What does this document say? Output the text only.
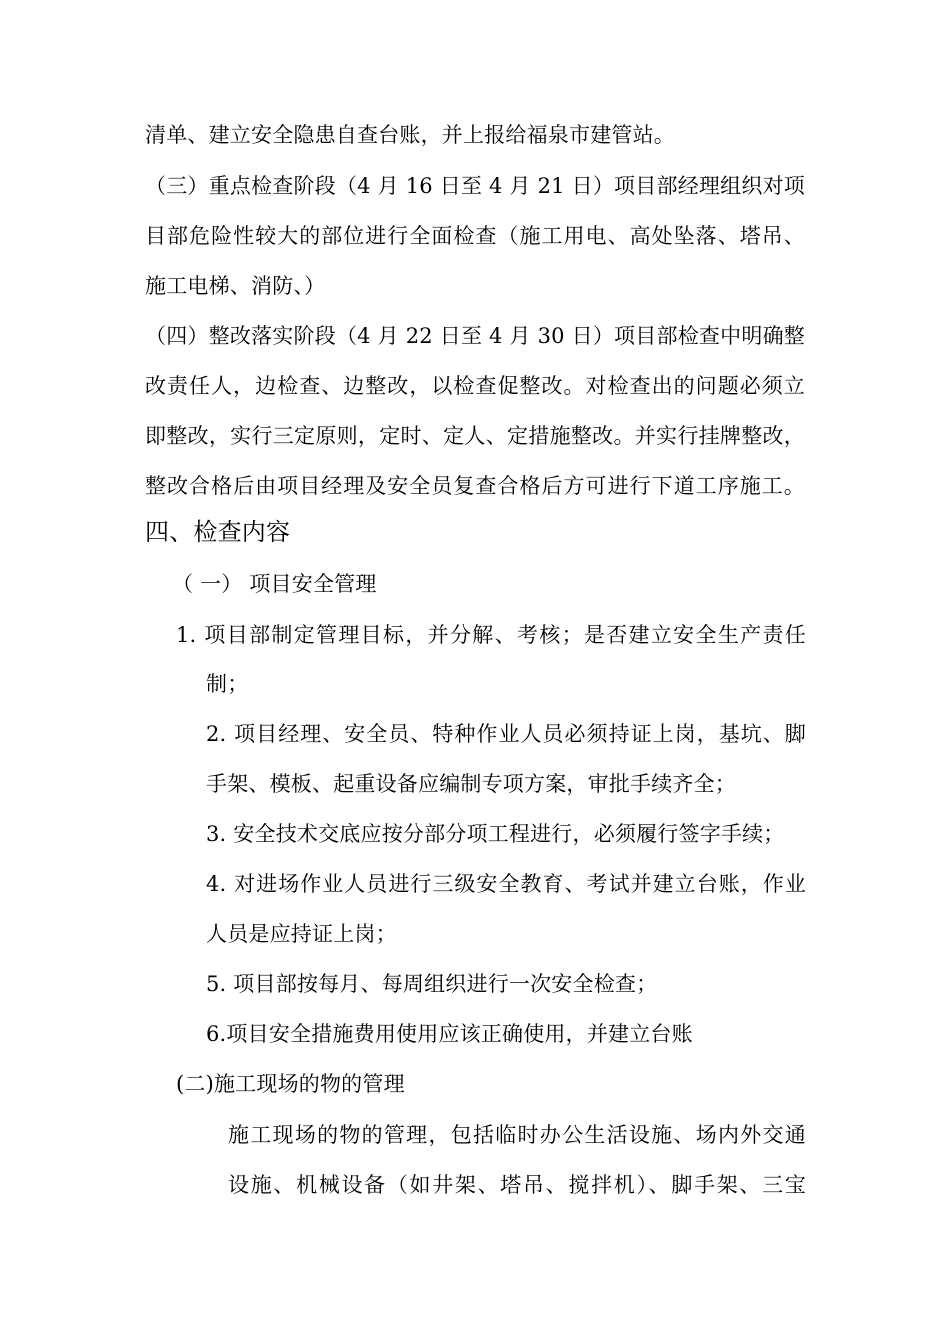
清单、建立安全隐患自查台账，并上报给福泉市建管站。
（三）重点检查阶段（4 月 16 日至 4 月 21 日）项目部经理组织对项
目部危险性较大的部位进行全面检查（施工用电、高处坠落、塔吊、
施工电梯、消防、）
（四）整改落实阶段（4 月 22 日至 4 月 30 日）项目部检查中明确整
改责任人，边检查、边整改，以检查促整改。对检查出的问题必须立
即整改，实行三定原则，定时、定人、定措施整改。并实行挂牌整改，
整改合格后由项目经理及安全员复查合格后方可进行下道工序施工。
四、检查内容
（ 一） 项目安全管理
1. 项目部制定管理目标，并分解、考核；是否建立安全生产责任
制；
2. 项目经理、安全员、特种作业人员必须持证上岗，基坑、脚
手架、模板、起重设备应编制专项方案，审批手续齐全；
3. 安全技术交底应按分部分项工程进行，必须履行签字手续；
4. 对进场作业人员进行三级安全教育、考试并建立台账，作业
人员是应持证上岗；
5. 项目部按每月、每周组织进行一次安全检查；
6.项目安全措施费用使用应该正确使用，并建立台账
(二)施工现场的物的管理
施工现场的物的管理，包括临时办公生活设施、场内外交通
设施、机械设备（如井架、塔吊、搅拌机）、脚手架、三宝
